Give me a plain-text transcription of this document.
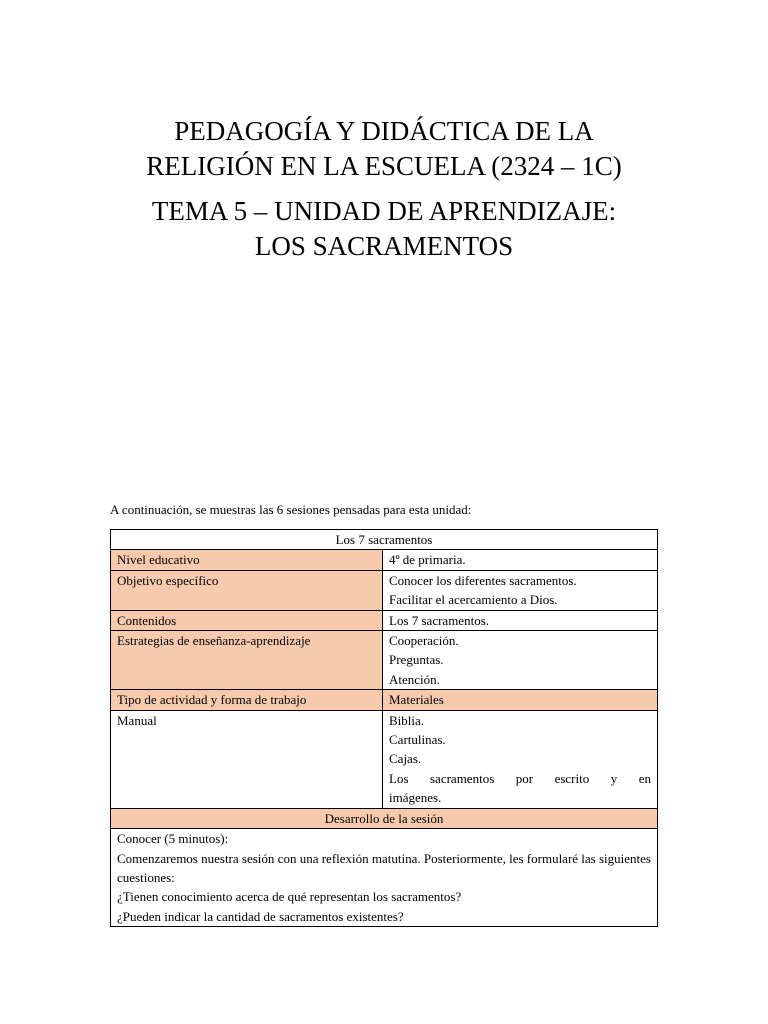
PEDAGOGÍA Y DIDÁCTICA DE LA

RELIGIÓN EN LA ESCUELA (2324 – 1C)

TEMA 5 – UNIDAD DE APRENDIZAJE:

LOS SACRAMENTOS

A continuación, se muestras las 6 sesiones pensadas para esta unidad:
Los 7 sacramentos	
Nivel educativo	4º de primaria.
Objetivo específico	Conocer los diferentes sacramentos.
Facilitar el acercamiento a Dios.

Contenidos	Los 7 sacramentos.
Estrategias de enseñanza-aprendizaje	Cooperación.
Preguntas.
Atención.

Tipo de actividad y forma de trabajo	Materiales
Manual	Biblia.
Cartulinas.
Cajas.
Los sacramentos por escrito y en
imágenes.

Desarrollo de la sesión	

Conocer (5 minutos):
Comenzaremos nuestra sesión con una reflexión matutina. Posteriormente, les formularé las siguientes cuestiones:
¿Tienen conocimiento acerca de qué representan los sacramentos?
¿Pueden indicar la cantidad de sacramentos existentes?	
